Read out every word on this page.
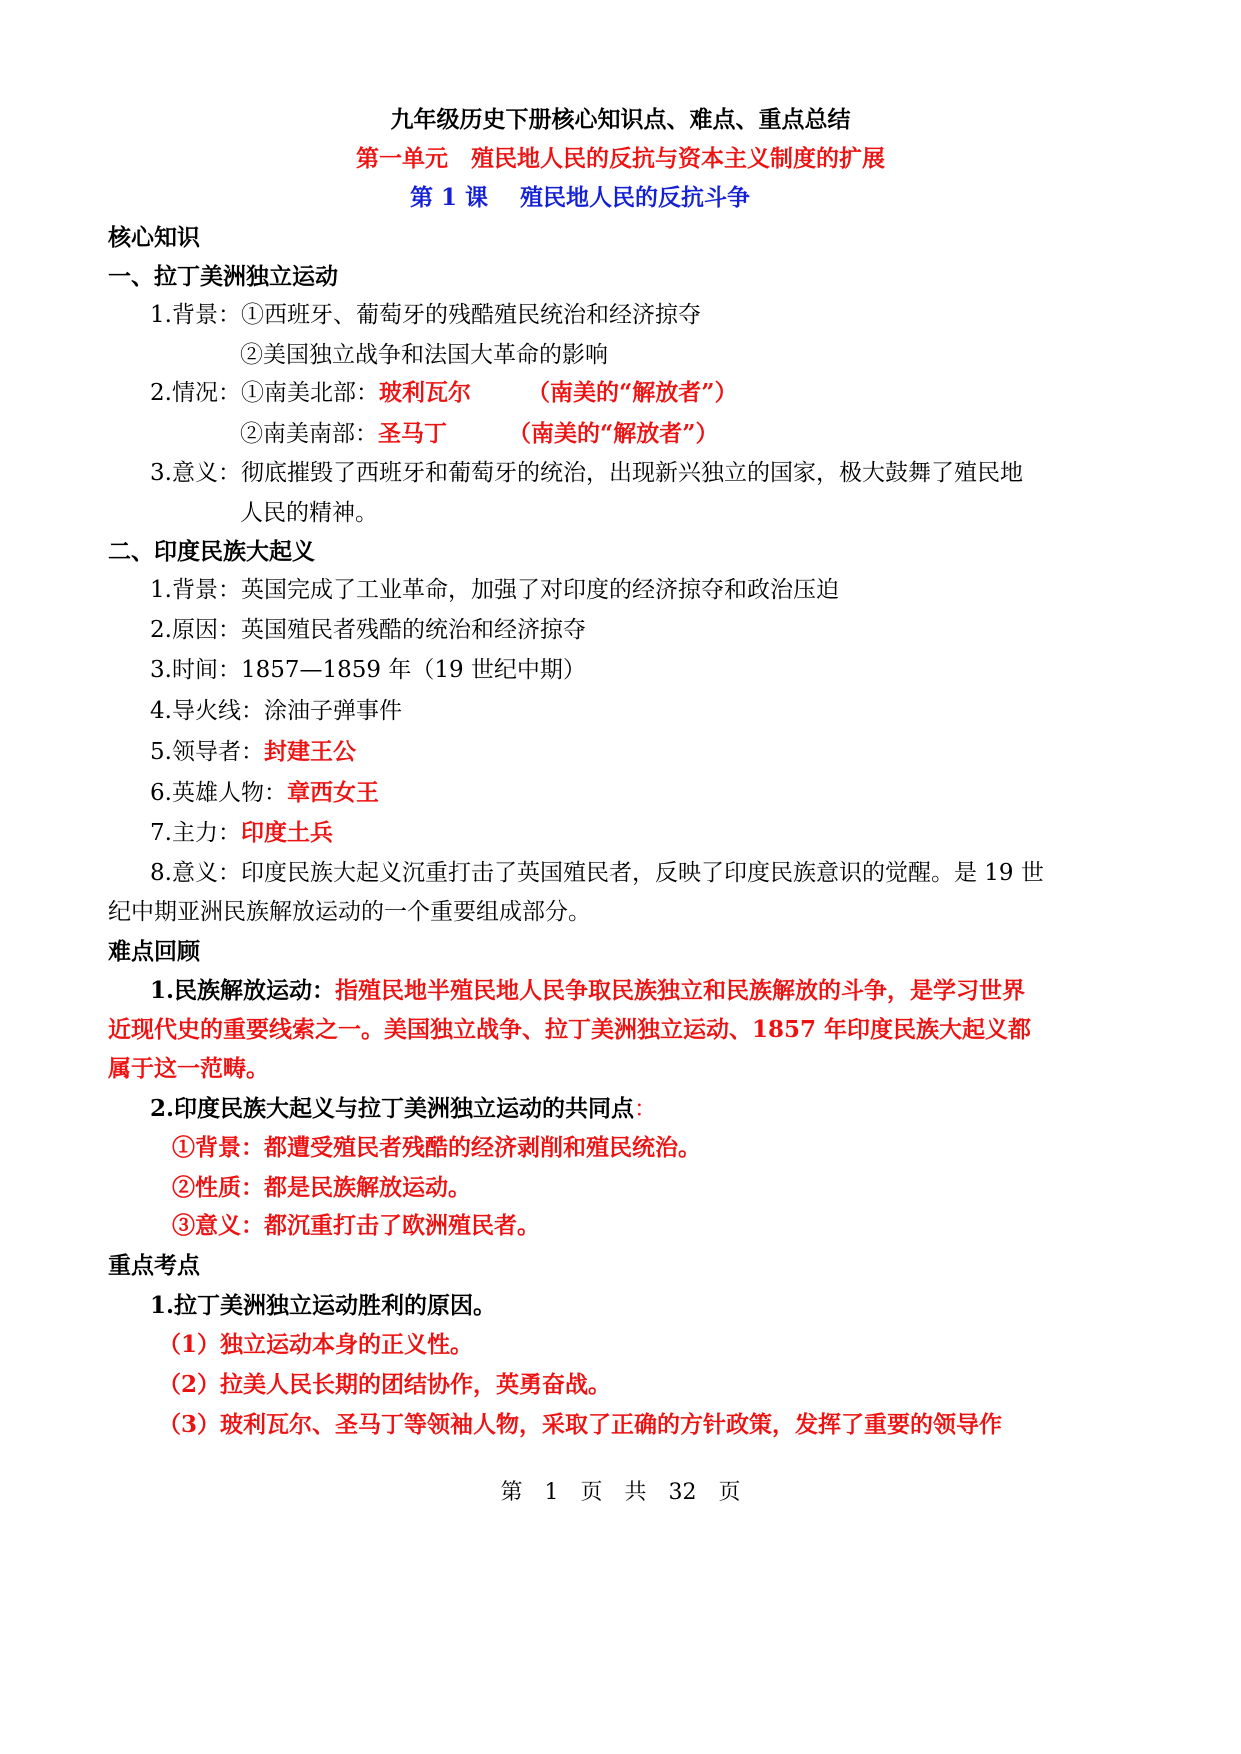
九年级历史下册核心知识点、难点、重点总结
第一单元　殖民地人民的反抗与资本主义制度的扩展
第 1 课 殖民地人民的反抗斗争
核心知识
一、拉丁美洲独立运动
1.背景：①西班牙、葡萄牙的残酷殖民统治和经济掠夺
②美国独立战争和法国大革命的影响
2.情况：①南美北部：玻利瓦尔 （南美的“解放者”）
②南美南部：圣马丁	（南美的“解放者”）
3.意义：彻底摧毁了西班牙和葡萄牙的统治，出现新兴独立的国家，极大鼓舞了殖民地
人民的精神。
二、印度民族大起义
1.背景：英国完成了工业革命，加强了对印度的经济掠夺和政治压迫
2.原因：英国殖民者残酷的统治和经济掠夺
3.时间：1857—1859 年（19 世纪中期）
4.导火线：涂油子弹事件
5.领导者：封建王公
6.英雄人物：章西女王
7.主力：印度土兵
8.意义：印度民族大起义沉重打击了英国殖民者，反映了印度民族意识的觉醒。是 19 世
纪中期亚洲民族解放运动的一个重要组成部分。
难点回顾
1.民族解放运动：指殖民地半殖民地人民争取民族独立和民族解放的斗争，是学习世界
近现代史的重要线索之一。美国独立战争、拉丁美洲独立运动、1857 年印度民族大起义都
属于这一范畴。
2.印度民族大起义与拉丁美洲独立运动的共同点：
①背景：都遭受殖民者残酷的经济剥削和殖民统治。
②性质：都是民族解放运动。
③意义：都沉重打击了欧洲殖民者。
重点考点
1.拉丁美洲独立运动胜利的原因。
（1）独立运动本身的正义性。
（2）拉美人民长期的团结协作，英勇奋战。
（3）玻利瓦尔、圣马丁等领袖人物，采取了正确的方针政策，发挥了重要的领导作
第　1　页　共　32　页
